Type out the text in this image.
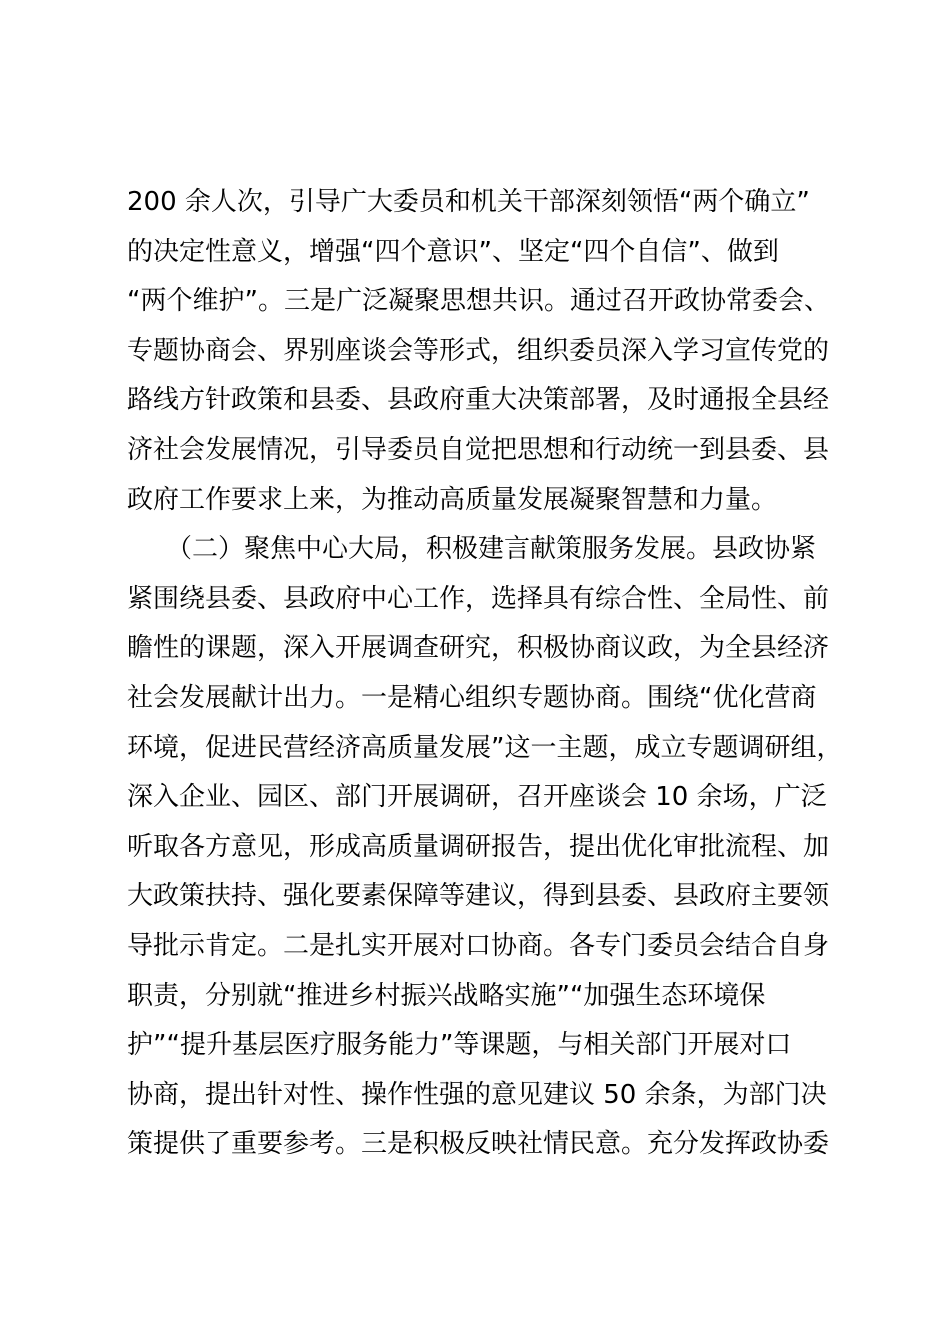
200 余人次，引导广大委员和机关干部深刻领悟“两个确立”
的决定性意义，增强“四个意识”、坚定“四个自信”、做到
“两个维护”。三是广泛凝聚思想共识。通过召开政协常委会、
专题协商会、界别座谈会等形式，组织委员深入学习宣传党的
路线方针政策和县委、县政府重大决策部署，及时通报全县经
济社会发展情况，引导委员自觉把思想和行动统一到县委、县
政府工作要求上来，为推动高质量发展凝聚智慧和力量。
　　（二）聚焦中心大局，积极建言献策服务发展。县政协紧
紧围绕县委、县政府中心工作，选择具有综合性、全局性、前
瞻性的课题，深入开展调查研究，积极协商议政，为全县经济
社会发展献计出力。一是精心组织专题协商。围绕“优化营商
环境，促进民营经济高质量发展”这一主题，成立专题调研组，
深入企业、园区、部门开展调研，召开座谈会 10 余场，广泛
听取各方意见，形成高质量调研报告，提出优化审批流程、加
大政策扶持、强化要素保障等建议，得到县委、县政府主要领
导批示肯定。二是扎实开展对口协商。各专门委员会结合自身
职责，分别就“推进乡村振兴战略实施”“加强生态环境保
护”“提升基层医疗服务能力”等课题，与相关部门开展对口
协商，提出针对性、操作性强的意见建议 50 余条，为部门决
策提供了重要参考。三是积极反映社情民意。充分发挥政协委
